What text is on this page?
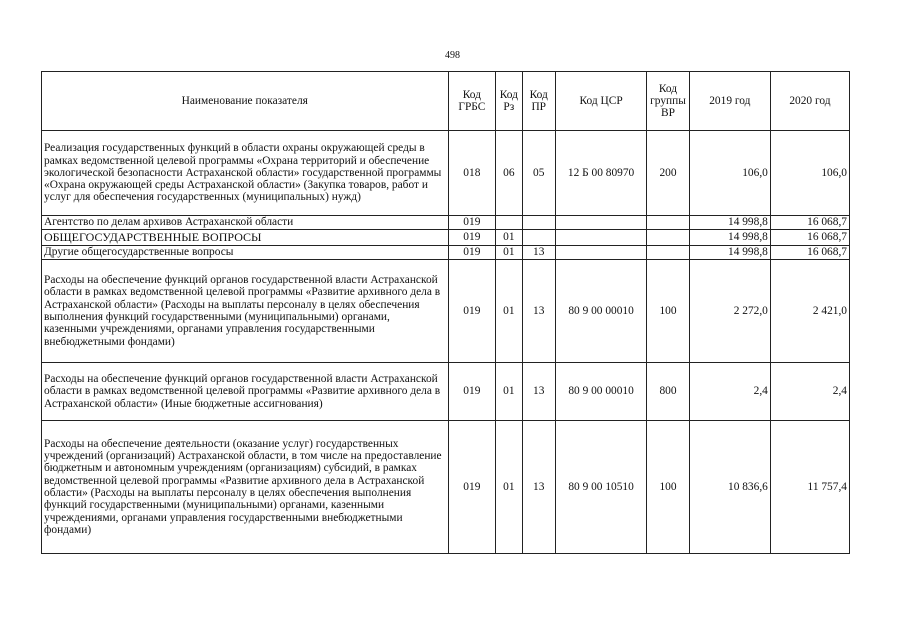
498
Наименование показателя	Код ГРБС	Код Рз	Код ПР	Код ЦСР	Код группы ВР	2019 год	2020 год
Реализация государственных функций в области охраны окружающей среды в рамках ведомственной целевой программы «Охрана территорий и обеспечение экологической безопасности Астраханской области» государственной программы «Охрана окружающей среды Астраханской области» (Закупка товаров, работ и услуг для обеспечения государственных (муниципальных) нужд)	018	06	05	12 Б 00 80970	200	106,0	106,0
Агентство по делам архивов Астраханской области	019					14 998,8	16 068,7
ОБЩЕГОСУДАРСТВЕННЫЕ ВОПРОСЫ	019	01				14 998,8	16 068,7
Другие общегосударственные вопросы	019	01	13			14 998,8	16 068,7
Расходы на обеспечение функций органов государственной власти Астраханской области в рамках ведомственной целевой программы «Развитие архивного дела в Астраханской области» (Расходы на выплаты персоналу в целях обеспечения выполнения функций государственными (муниципальными) органами, казенными учреждениями, органами управления государственными внебюджетными фондами)	019	01	13	80 9 00 00010	100	2 272,0	2 421,0
Расходы на обеспечение функций органов государственной власти Астраханской области в рамках ведомственной целевой программы «Развитие архивного дела в Астраханской области» (Иные бюджетные ассигнования)	019	01	13	80 9 00 00010	800	2,4	2,4
Расходы на обеспечение деятельности (оказание услуг) государственных учреждений (организаций) Астраханской области, в том числе на предоставление бюджетным и автономным учреждениям (организациям) субсидий, в рамках ведомственной целевой программы «Развитие архивного дела в Астраханской области» (Расходы на выплаты персоналу в целях обеспечения выполнения функций государственными (муниципальными) органами, казенными учреждениями, органами управления государственными внебюджетными фондами)	019	01	13	80 9 00 10510	100	10 836,6	11 757,4
